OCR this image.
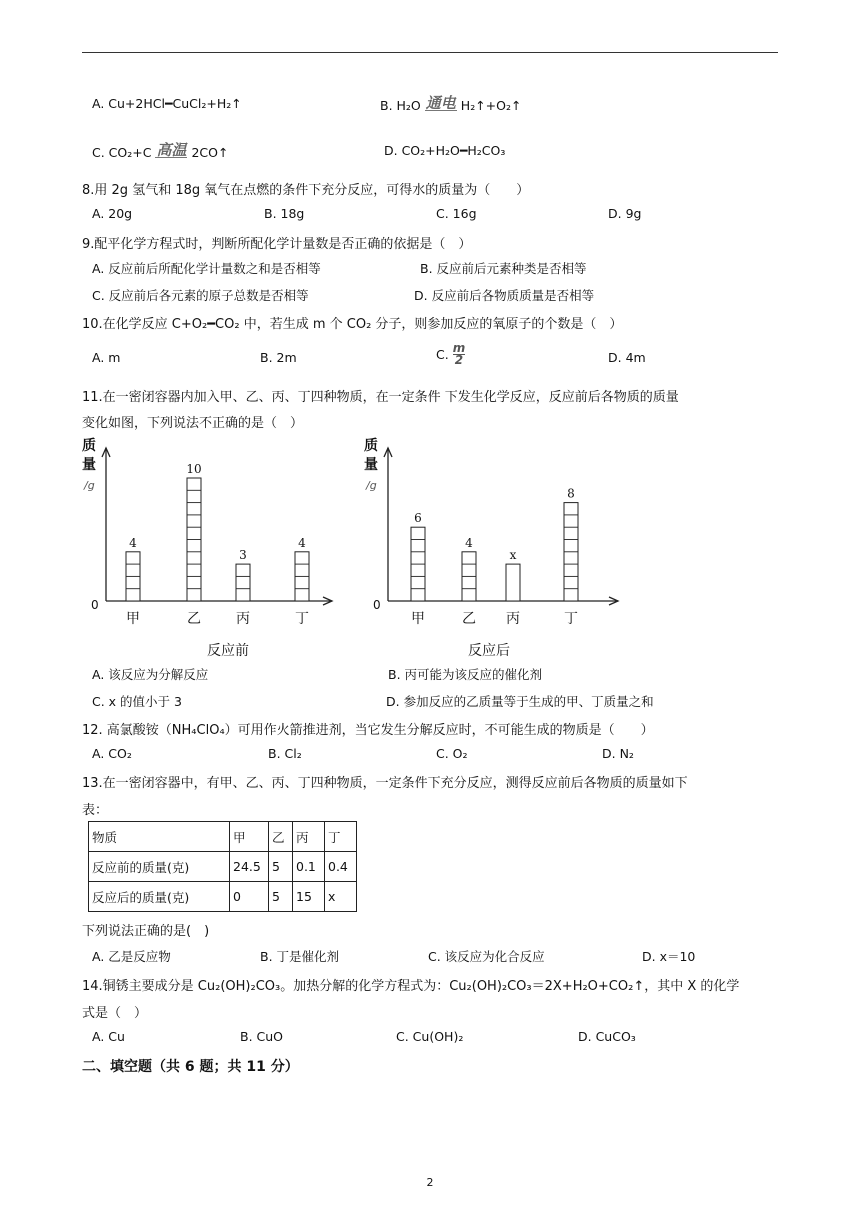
A. Cu+2HCl━CuCl₂+H₂↑	B. H₂O 通电 H₂↑+O₂↑
C. CO₂+C 高温 2CO↑	D. CO₂+H₂O━H₂CO₃
8.用 2g 氢气和 18g 氧气在点燃的条件下充分反应，可得水的质量为（　　）
A. 20g	B. 18g	C. 16g	D. 9g
9.配平化学方程式时，判断所配化学计量数是否正确的依据是（　）
A. 反应前后所配化学计量数之和是否相等	B. 反应前后元素种类是否相等
C. 反应前后各元素的原子总数是否相等	D. 反应前后各物质质量是否相等
10.在化学反应 C+O₂━CO₂ 中，若生成 m 个 CO₂ 分子，则参加反应的氧原子的个数是（　）
A. m	B. 2m	C. $\frac{m}{2}$	D. 4m
11.在一密闭容器内加入甲、乙、丙、丁四种物质，在一定条件 下发生化学反应，反应前后各物质的质量
变化如图，下列说法不正确的是（　）
质
量
/g
0
4
甲
10
乙
3
丙
4
丁
反应前
质
量
/g
0
6
甲
4
乙
x
丙
8
丁
反应后
A. 该反应为分解反应	B. 丙可能为该反应的催化剂
C. x 的值小于 3	D. 参加反应的乙质量等于生成的甲、丁质量之和
12. 高氯酸铵（NH₄ClO₄）可用作火箭推进剂，当它发生分解反应时，不可能生成的物质是（　　）
A. CO₂	B. Cl₂	C. O₂	D. N₂
13.在一密闭容器中，有甲、乙、丙、丁四种物质，一定条件下充分反应，测得反应前后各物质的质量如下
表：
物质	甲	乙	丙	丁
反应前的质量(克)	24.5	5	0.1	0.4
反应后的质量(克)	0	5	15	x
下列说法正确的是(　)
A. 乙是反应物	B. 丁是催化剂	C. 该反应为化合反应	D. x＝10
14.铜锈主要成分是 Cu₂(OH)₂CO₃。加热分解的化学方程式为：Cu₂(OH)₂CO₃＝2X+H₂O+CO₂↑，其中 X 的化学
式是（　）
A. Cu	B. CuO	C. Cu(OH)₂	D. CuCO₃
二、填空题（共 6 题；共 11 分）
2
